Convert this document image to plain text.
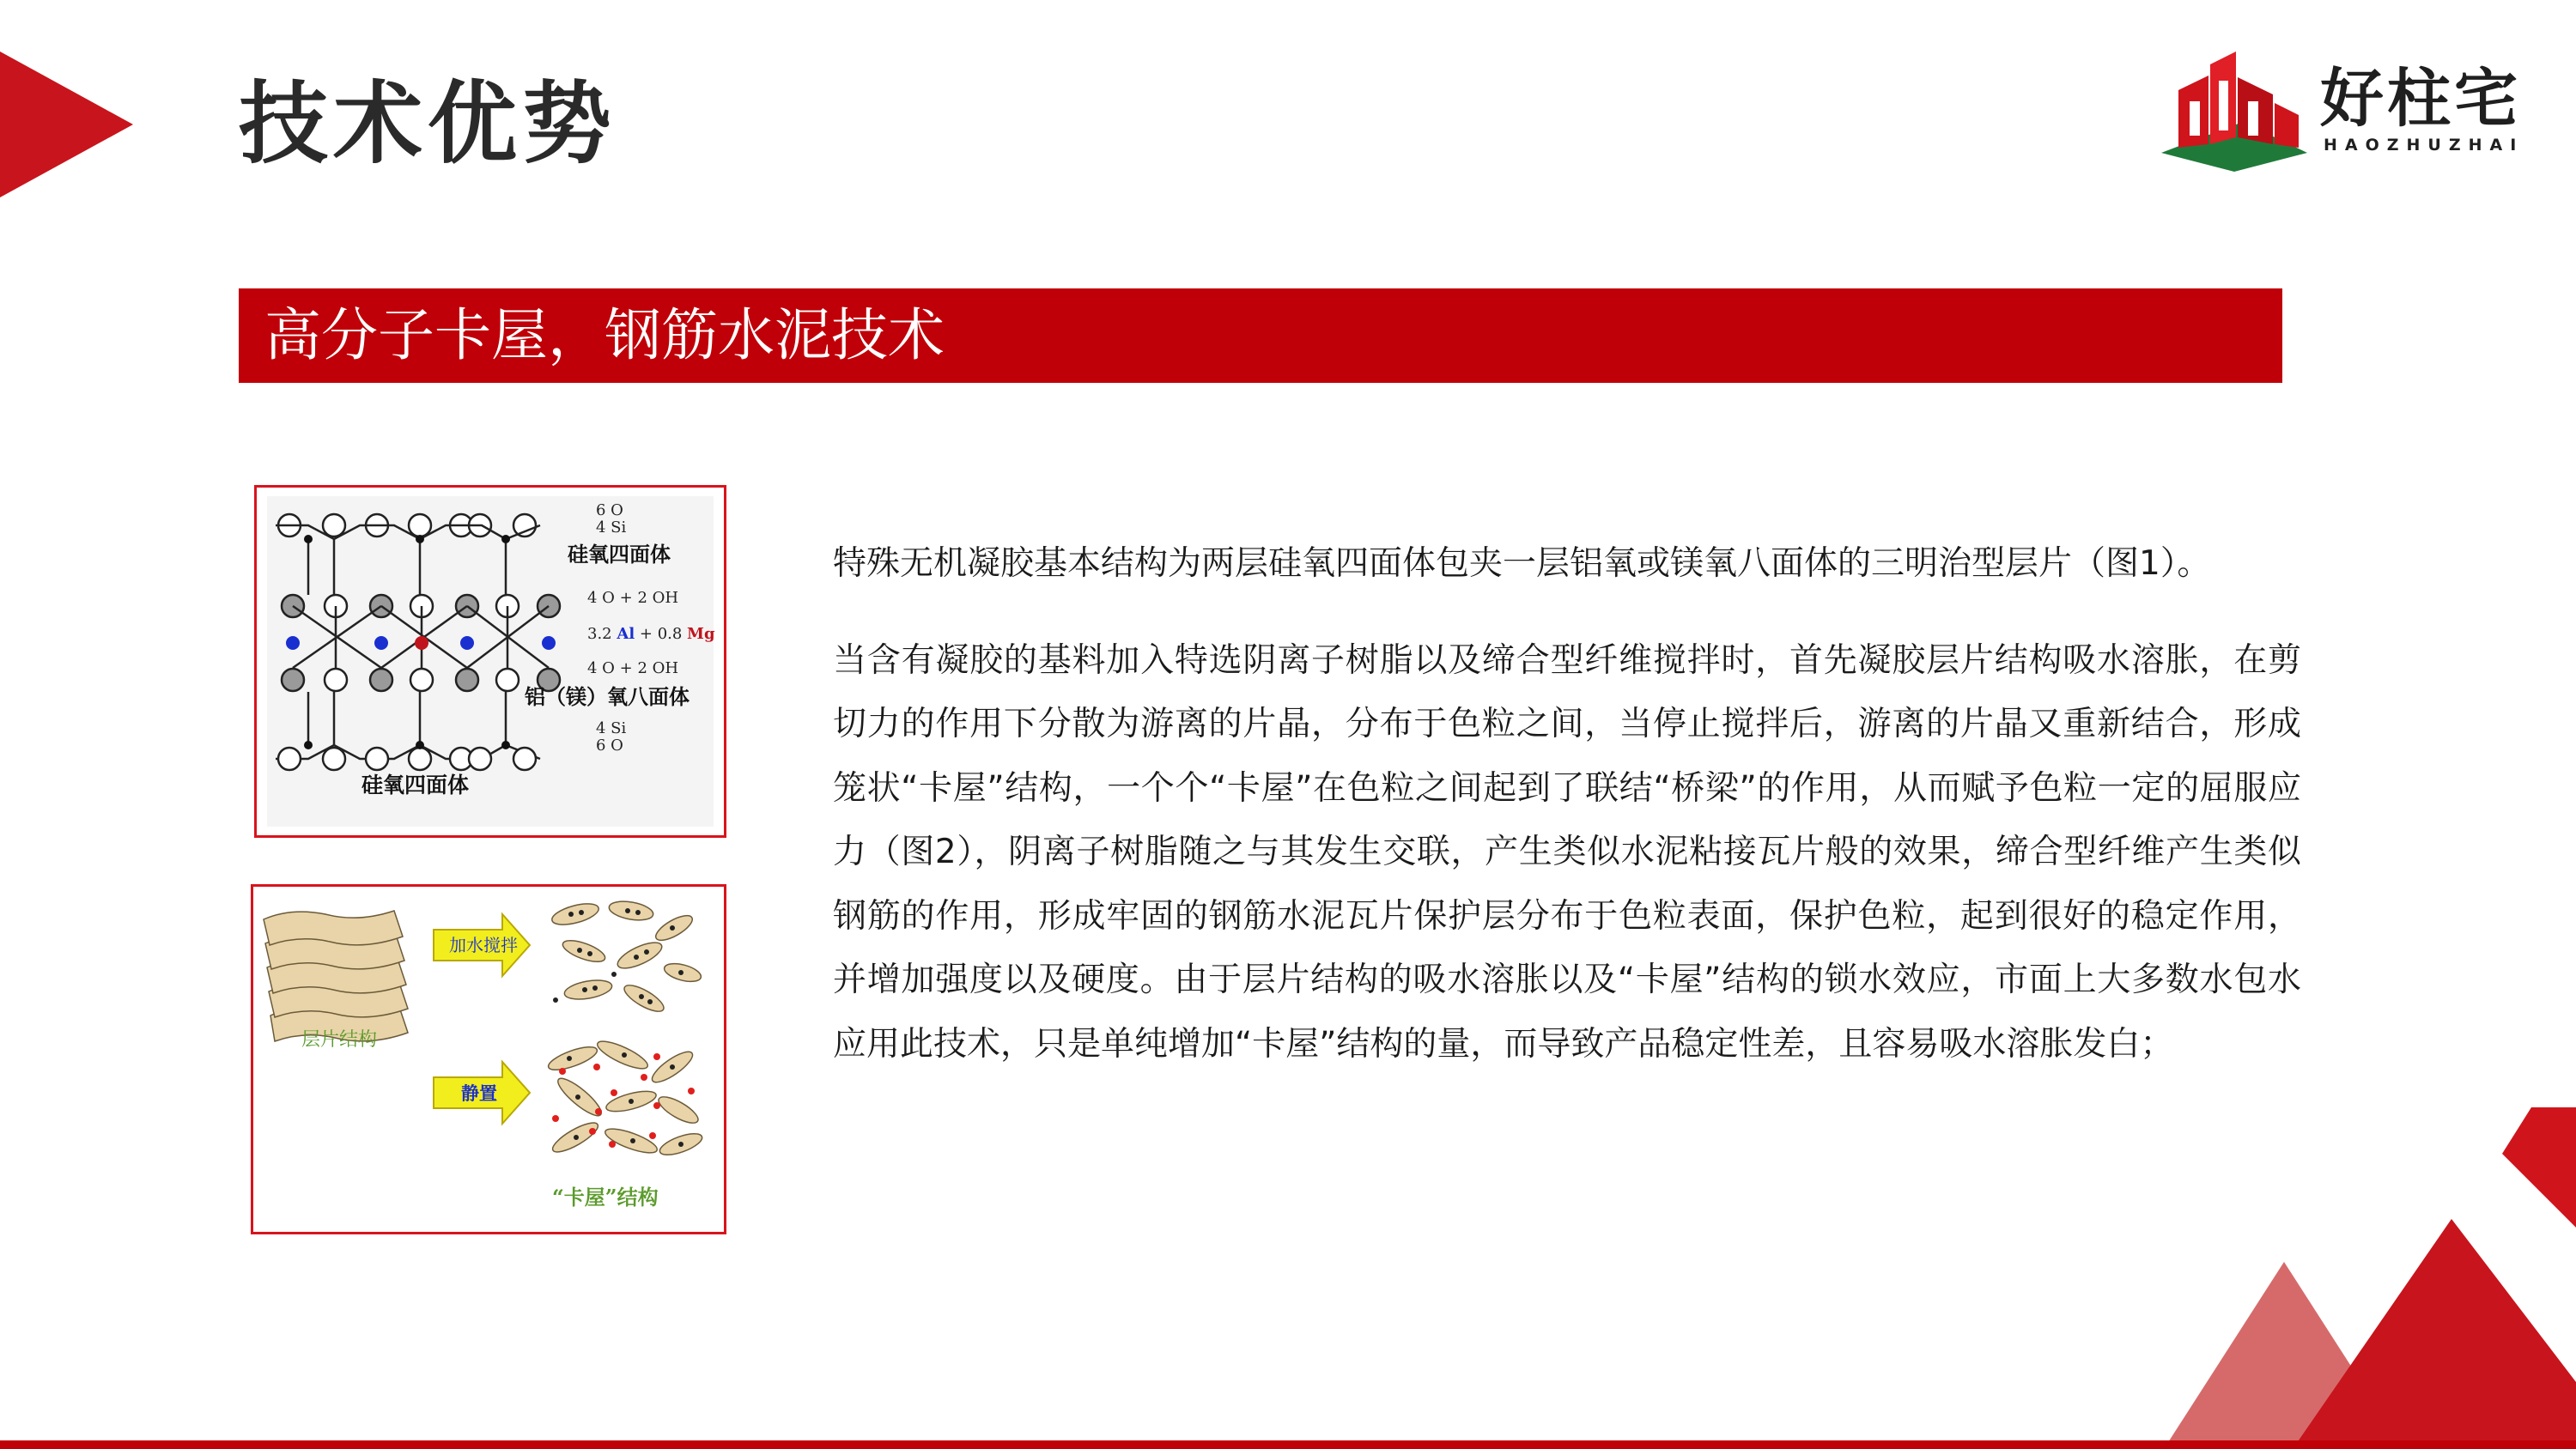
技术优势	好柱宅
HAOZHUZHAI
高分子卡屋，钢筋水泥技术
6 O
4 Si
硅氧四面体
4 O + 2 OH
3.2 Al + 0.8 Mg
4 O + 2 OH
铝（镁）氧八面体
4 Si
6 O
硅氧四面体
加水搅拌
层片结构
静置
“卡屋”结构

特殊无机凝胶基本结构为两层硅氧四面体包夹一层铝氧或镁氧八面体的三明治型层片（图1）。

当含有凝胶的基料加入特选阴离子树脂以及缔合型纤维搅拌时，首先凝胶层片结构吸水溶胀，在剪切力的作用下分散为游离的片晶，分布于色粒之间，当停止搅拌后，游离的片晶又重新结合，形成笼状“卡屋”结构，一个个“卡屋”在色粒之间起到了联结“桥梁”的作用，从而赋予色粒一定的屈服应力（图2），阴离子树脂随之与其发生交联，产生类似水泥粘接瓦片般的效果，缔合型纤维产生类似钢筋的作用，形成牢固的钢筋水泥瓦片保护层分布于色粒表面，保护色粒，起到很好的稳定作用，并增加强度以及硬度。由于层片结构的吸水溶胀以及“卡屋”结构的锁水效应，市面上大多数水包水应用此技术，只是单纯增加“卡屋”结构的量，而导致产品稳定性差，且容易吸水溶胀发白；
